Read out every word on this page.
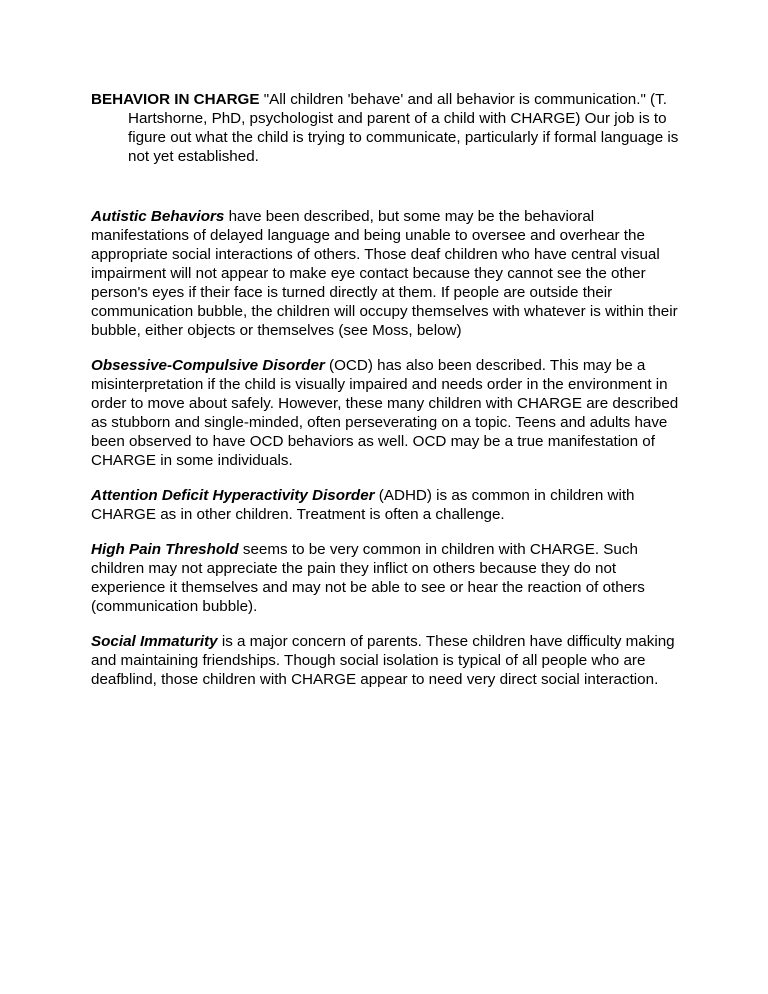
BEHAVIOR IN CHARGE "All children 'behave' and all behavior is communication." (T. Hartshorne, PhD, psychologist and parent of a child with CHARGE) Our job is to figure out what the child is trying to communicate, particularly if formal language is not yet established.

Autistic Behaviors have been described, but some may be the behavioral manifestations of delayed language and being unable to oversee and overhear the appropriate social interactions of others. Those deaf children who have central visual impairment will not appear to make eye contact because they cannot see the other person's eyes if their face is turned directly at them. If people are outside their communication bubble, the children will occupy themselves with whatever is within their bubble, either objects or themselves (see Moss, below)

Obsessive-Compulsive Disorder (OCD) has also been described. This may be a misinterpretation if the child is visually impaired and needs order in the environment in order to move about safely. However, these many children with CHARGE are described as stubborn and single-minded, often perseverating on a topic. Teens and adults have been observed to have OCD behaviors as well. OCD may be a true manifestation of CHARGE in some individuals.

Attention Deficit Hyperactivity Disorder (ADHD) is as common in children with CHARGE as in other children. Treatment is often a challenge.

High Pain Threshold seems to be very common in children with CHARGE. Such children may not appreciate the pain they inflict on others because they do not experience it themselves and may not be able to see or hear the reaction of others (communication bubble).

Social Immaturity is a major concern of parents. These children have difficulty making and maintaining friendships. Though social isolation is typical of all people who are deafblind, those children with CHARGE appear to need very direct social interaction.
